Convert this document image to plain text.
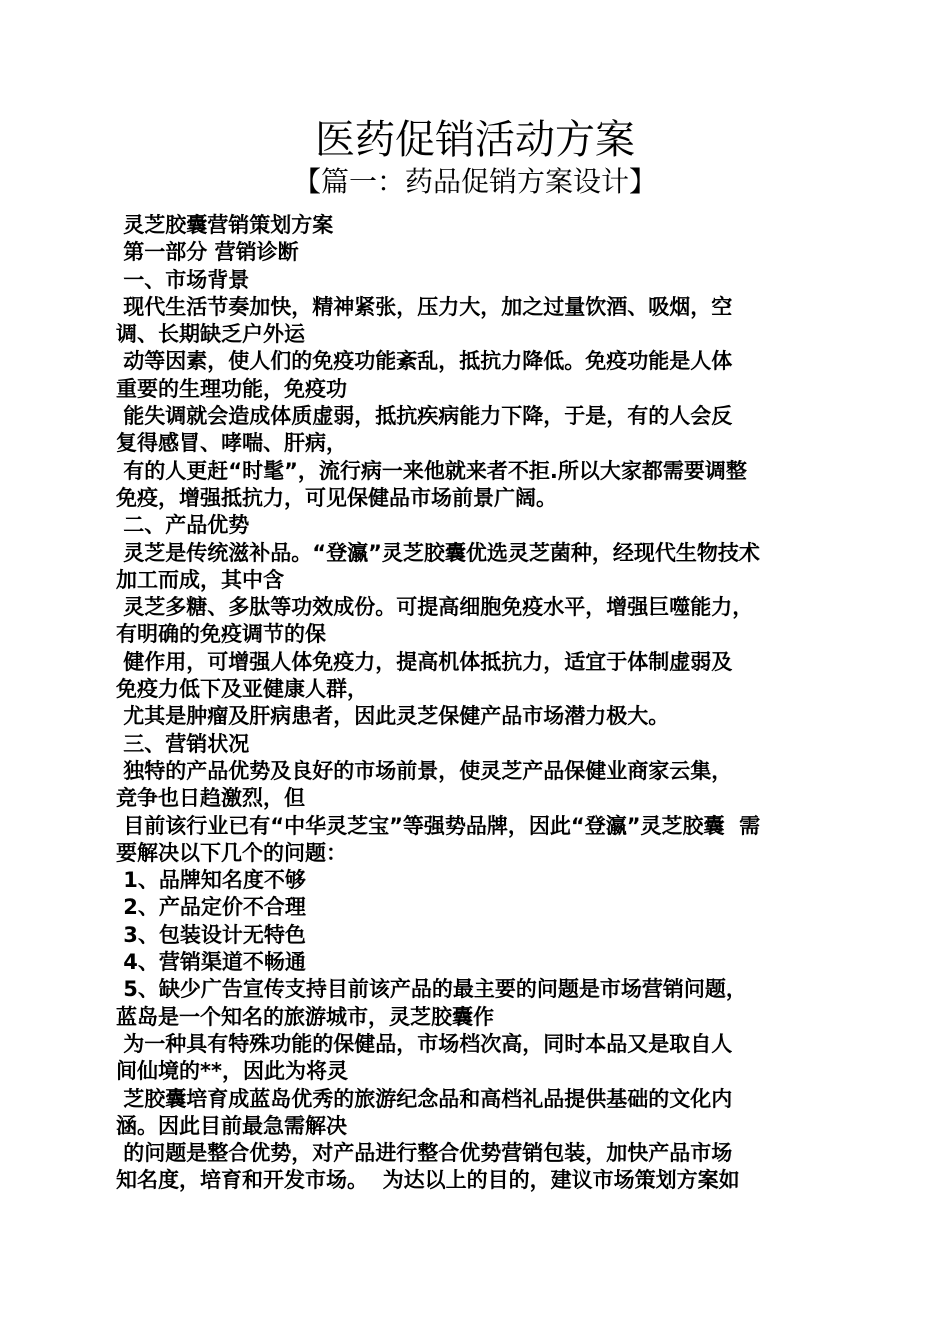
医药促销活动方案
【篇一：药品促销方案设计】
灵芝胶囊营销策划方案
第一部分 营销诊断
一、市场背景
现代生活节奏加快，精神紧张，压力大，加之过量饮酒、吸烟，空
调、长期缺乏户外运
动等因素，使人们的免疫功能紊乱，抵抗力降低。免疫功能是人体
重要的生理功能，免疫功
能失调就会造成体质虚弱，抵抗疾病能力下降，于是，有的人会反
复得感冒、哮喘、肝病，
有的人更赶“时髦”，流行病一来他就来者不拒.所以大家都需要调整
免疫，增强抵抗力，可见保健品市场前景广阔。
二、产品优势
灵芝是传统滋补品。“登瀛”灵芝胶囊优选灵芝菌种，经现代生物技术
加工而成，其中含
灵芝多糖、多肽等功效成份。可提高细胞免疫水平，增强巨噬能力，
有明确的免疫调节的保
健作用，可增强人体免疫力，提高机体抵抗力，适宜于体制虚弱及
免疫力低下及亚健康人群，
尤其是肿瘤及肝病患者，因此灵芝保健产品市场潜力极大。
三、营销状况
独特的产品优势及良好的市场前景，使灵芝产品保健业商家云集，
竞争也日趋激烈，但
目前该行业已有“中华灵芝宝”等强势品牌，因此“登瀛”灵芝胶囊  需
要解决以下几个的问题：
1、品牌知名度不够
2、产品定价不合理
3、包装设计无特色
4、营销渠道不畅通
5、缺少广告宣传支持目前该产品的最主要的问题是市场营销问题，
蓝岛是一个知名的旅游城市，灵芝胶囊作
为一种具有特殊功能的保健品，市场档次高，同时本品又是取自人
间仙境的**，因此为将灵
芝胶囊培育成蓝岛优秀的旅游纪念品和高档礼品提供基础的文化内
涵。因此目前最急需解决
的问题是整合优势，对产品进行整合优势营销包装，加快产品市场
知名度，培育和开发市场。  为达以上的目的，建议市场策划方案如
